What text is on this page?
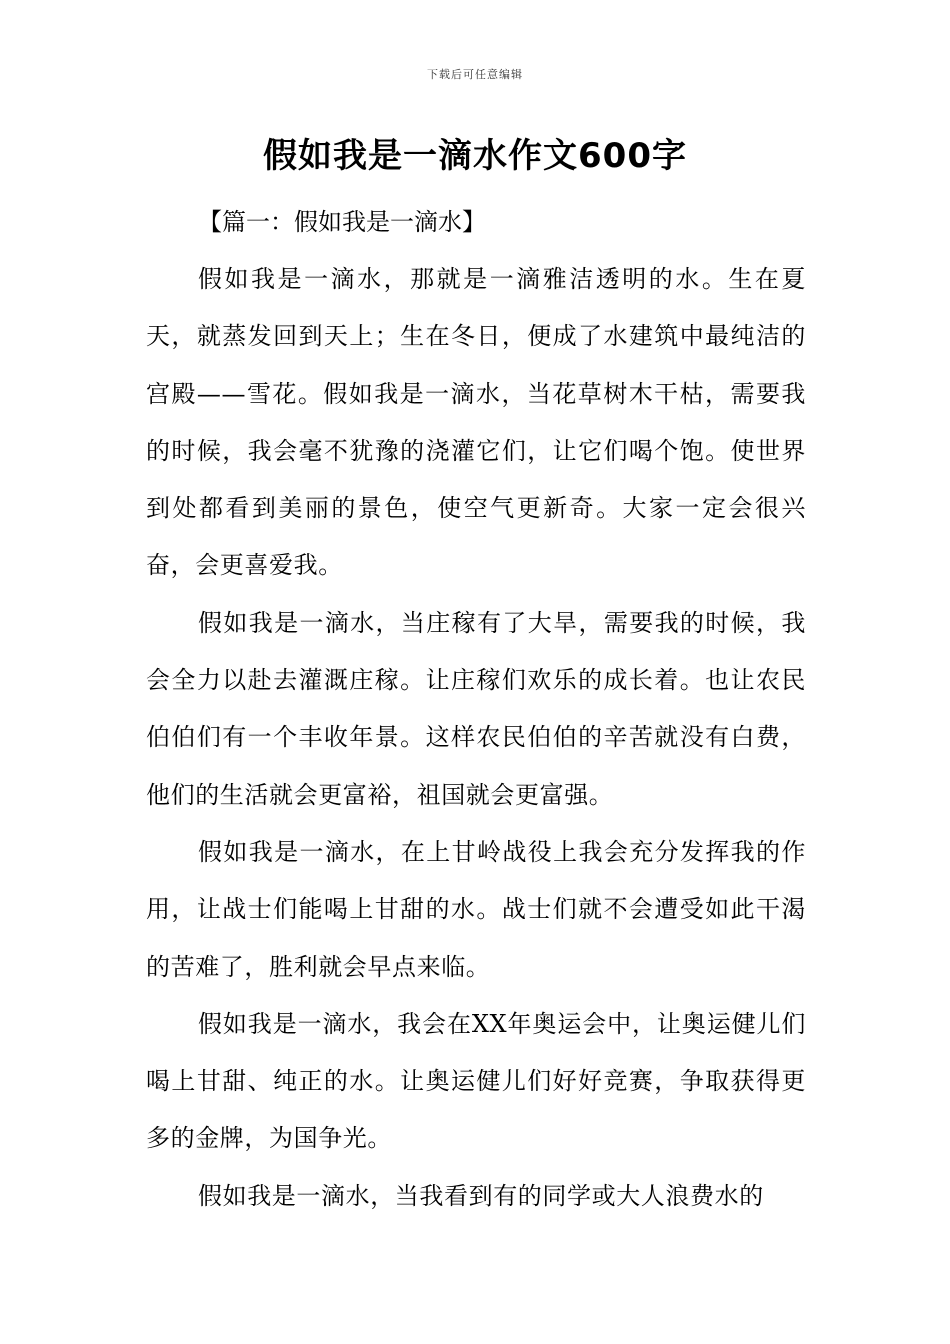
下载后可任意编辑
假如我是一滴水作文600字
【篇一：假如我是一滴水】

假如我是一滴水，那就是一滴雅洁透明的水。生在夏天，就蒸发回到天上；生在冬日，便成了水建筑中最纯洁的宫殿——雪花。假如我是一滴水，当花草树木干枯，需要我的时候，我会毫不犹豫的浇灌它们，让它们喝个饱。使世界到处都看到美丽的景色，使空气更新奇。大家一定会很兴奋，会更喜爱我。

假如我是一滴水，当庄稼有了大旱，需要我的时候，我会全力以赴去灌溉庄稼。让庄稼们欢乐的成长着。也让农民伯伯们有一个丰收年景。这样农民伯伯的辛苦就没有白费，他们的生活就会更富裕，祖国就会更富强。

假如我是一滴水，在上甘岭战役上我会充分发挥我的作用，让战士们能喝上甘甜的水。战士们就不会遭受如此干渴的苦难了，胜利就会早点来临。

假如我是一滴水，我会在XX年奥运会中，让奥运健儿们喝上甘甜、纯正的水。让奥运健儿们好好竞赛，争取获得更多的金牌，为国争光。

假如我是一滴水，当我看到有的同学或大人浪费水的
